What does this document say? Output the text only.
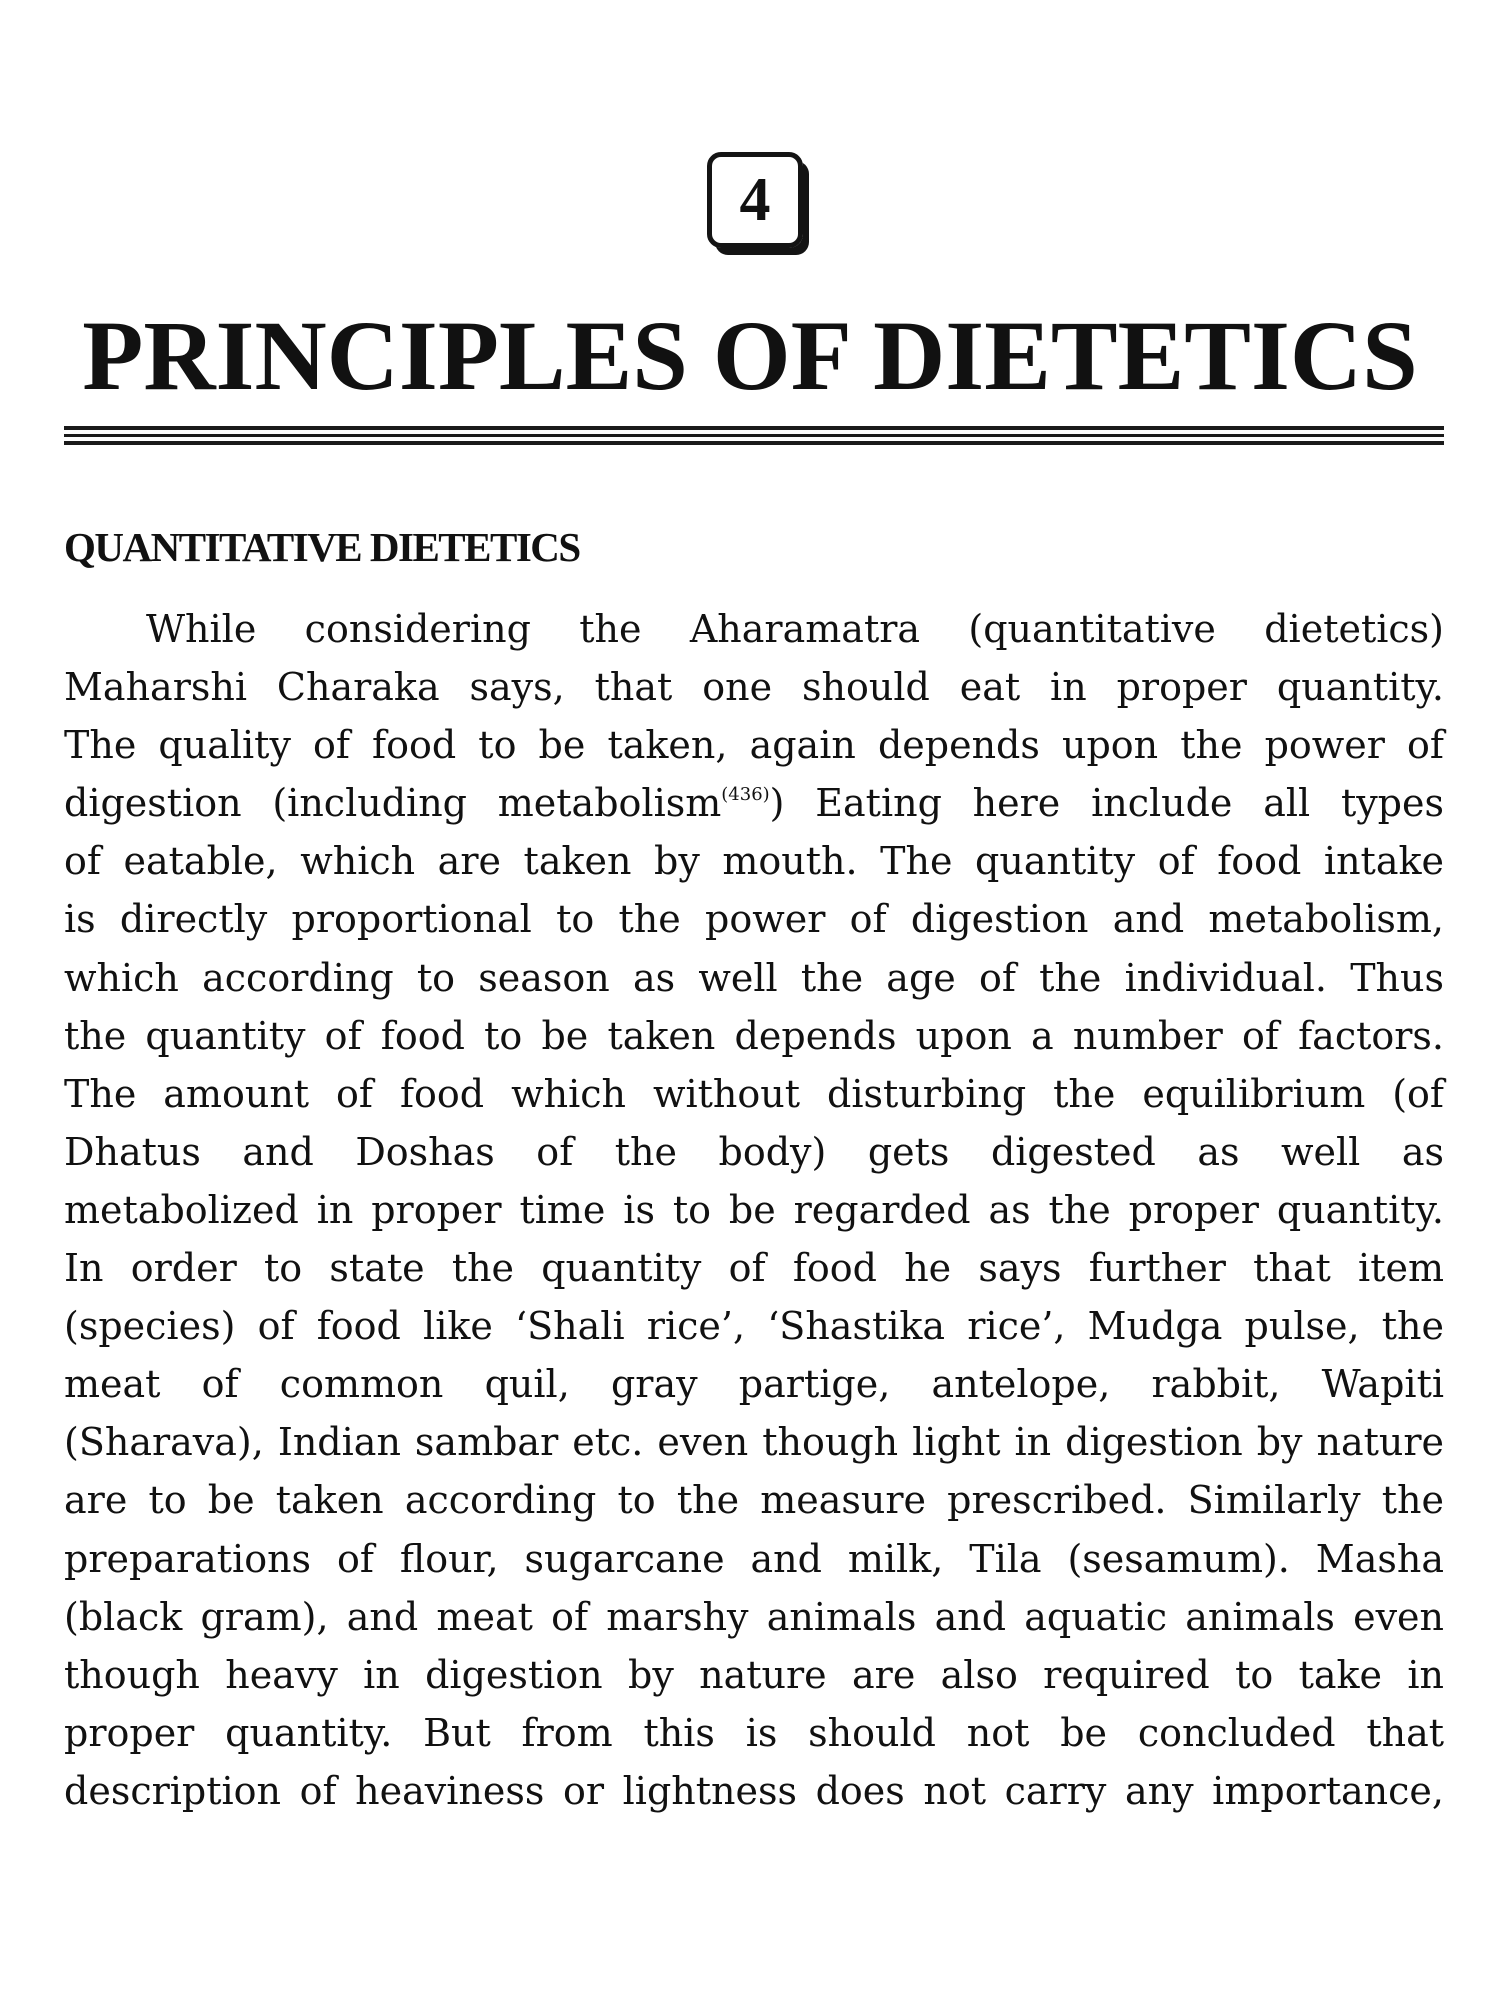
4
PRINCIPLES OF DIETETICS
QUANTITATIVE DIETETICS
While considering the Aharamatra (quantitative dietetics)
Maharshi Charaka says, that one should eat in proper quantity.
The quality of food to be taken, again depends upon the power of
digestion (including metabolism$^{(436)}$) Eating here include all types
of eatable, which are taken by mouth. The quantity of food intake
is directly proportional to the power of digestion and metabolism,
which according to season as well the age of the individual. Thus
the quantity of food to be taken depends upon a number of factors.
The amount of food which without disturbing the equilibrium (of
Dhatus and Doshas of the body) gets digested as well as
metabolized in proper time is to be regarded as the proper quantity.
In order to state the quantity of food he says further that item
(species) of food like ‘Shali rice’, ‘Shastika rice’, Mudga pulse, the
meat of common quil, gray partige, antelope, rabbit, Wapiti
(Sharava), Indian sambar etc. even though light in digestion by nature
are to be taken according to the measure prescribed. Similarly the
preparations of flour, sugarcane and milk, Tila (sesamum). Masha
(black gram), and meat of marshy animals and aquatic animals even
though heavy in digestion by nature are also required to take in
proper quantity. But from this is should not be concluded that
description of heaviness or lightness does not carry any importance,
